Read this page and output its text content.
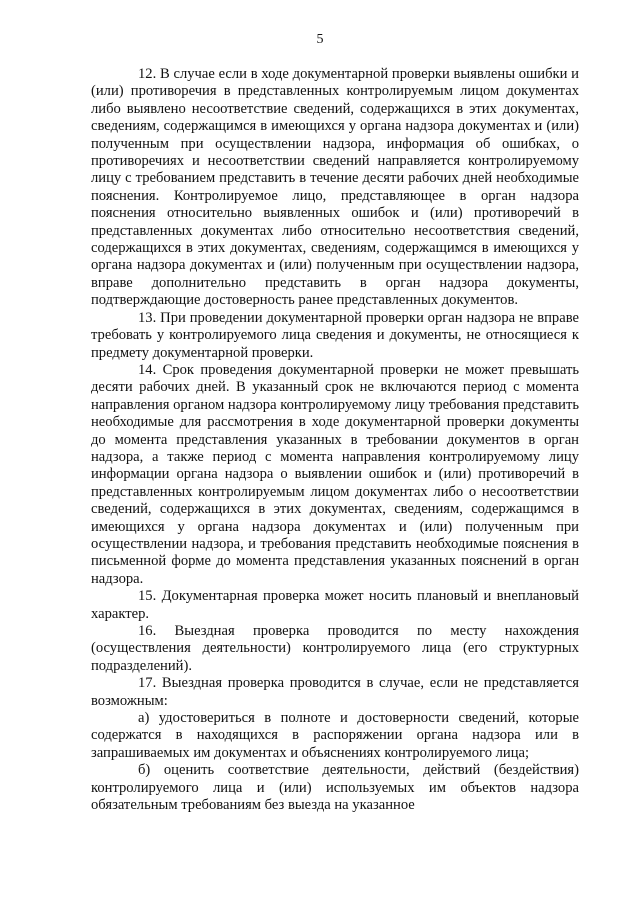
5

12. В случае если в ходе документарной проверки выявлены ошибки и (или) противоречия в представленных контролируемым лицом документах либо выявлено несоответствие сведений, содержащихся в этих документах, сведениям, содержащимся в имеющихся у органа надзора документах и (или) полученным при осуществлении надзора, информация об ошибках, о противоречиях и несоответствии сведений направляется контролируемому лицу с требованием представить в течение десяти рабочих дней необходимые пояснения. Контролируемое лицо, представляющее в орган надзора пояснения относительно выявленных ошибок и (или) противоречий в представленных документах либо относительно несоответствия сведений, содержащихся в этих документах, сведениям, содержащимся в имеющихся у органа надзора документах и (или) полученным при осуществлении надзора, вправе дополнительно представить в орган надзора документы, подтверждающие достоверность ранее представленных документов.

13. При проведении документарной проверки орган надзора не вправе требовать у контролируемого лица сведения и документы, не относящиеся к предмету документарной проверки.

14. Срок проведения документарной проверки не может превышать десяти рабочих дней. В указанный срок не включаются период с момента направления органом надзора контролируемому лицу требования представить необходимые для рассмотрения в ходе документарной проверки документы до момента представления указанных в требовании документов в орган надзора, а также период с момента направления контролируемому лицу информации органа надзора о выявлении ошибок и (или) противоречий в представленных контролируемым лицом документах либо о несоответствии сведений, содержащихся в этих документах, сведениям, содержащимся в имеющихся у органа надзора документах и (или) полученным при осуществлении надзора, и требования представить необходимые пояснения в письменной форме до момента представления указанных пояснений в орган надзора.

15. Документарная проверка может носить плановый и внеплановый характер.

16. Выездная проверка проводится по месту нахождения (осуществления деятельности) контролируемого лица (его структурных подразделений).

17. Выездная проверка проводится в случае, если не представляется возможным:

а) удостовериться в полноте и достоверности сведений, которые содержатся в находящихся в распоряжении органа надзора или в запрашиваемых им документах и объяснениях контролируемого лица;

б) оценить соответствие деятельности, действий (бездействия) контролируемого лица и (или) используемых им объектов надзора обязательным требованиям без выезда на указанное
